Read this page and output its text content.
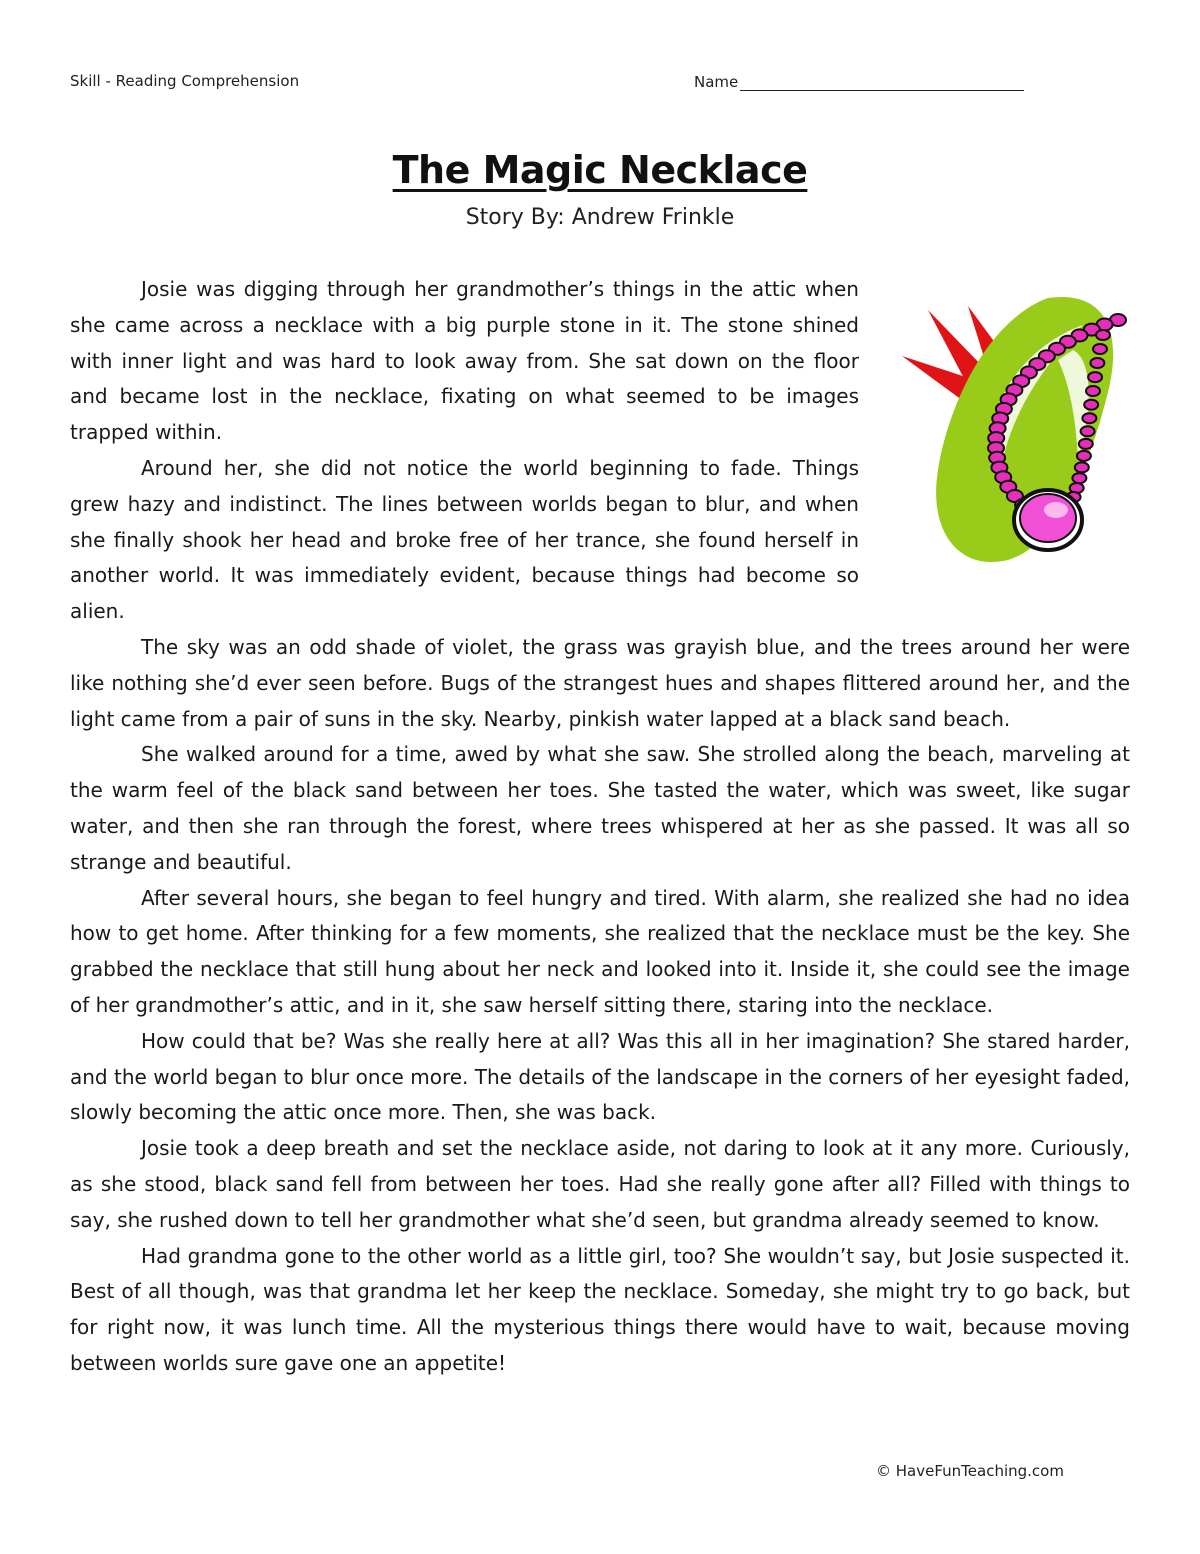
Skill - Reading Comprehension	Name
The Magic Necklace
Story By: Andrew Frinkle

Josie was digging through her grandmother’s things in the attic when she came across a necklace with a big purple stone in it. The stone shined with inner light and was hard to look away from. She sat down on the floor and became lost in the necklace, fixating on what seemed to be images trapped within.

Around her, she did not notice the world beginning to fade. Things grew hazy and indistinct. The lines between worlds began to blur, and when she finally shook her head and broke free of her trance, she found herself in another world. It was immediately evident, because things had become so alien.

The sky was an odd shade of violet, the grass was grayish blue, and the trees around her were like nothing she’d ever seen before. Bugs of the strangest hues and shapes flittered around her, and the light came from a pair of suns in the sky. Nearby, pinkish water lapped at a black sand beach.

She walked around for a time, awed by what she saw. She strolled along the beach, marveling at the warm feel of the black sand between her toes. She tasted the water, which was sweet, like sugar water, and then she ran through the forest, where trees whispered at her as she passed. It was all so strange and beautiful.

After several hours, she began to feel hungry and tired. With alarm, she realized she had no idea how to get home. After thinking for a few moments, she realized that the necklace must be the key. She grabbed the necklace that still hung about her neck and looked into it. Inside it, she could see the image of her grandmother’s attic, and in it, she saw herself sitting there, staring into the necklace.

How could that be? Was she really here at all? Was this all in her imagination? She stared harder, and the world began to blur once more. The details of the landscape in the corners of her eyesight faded, slowly becoming the attic once more. Then, she was back.

Josie took a deep breath and set the necklace aside, not daring to look at it any more. Curiously, as she stood, black sand fell from between her toes. Had she really gone after all? Filled with things to say, she rushed down to tell her grandmother what she’d seen, but grandma already seemed to know.

Had grandma gone to the other world as a little girl, too? She wouldn’t say, but Josie suspected it. Best of all though, was that grandma let her keep the necklace. Someday, she might try to go back, but for right now, it was lunch time. All the mysterious things there would have to wait, because moving between worlds sure gave one an appetite!

© HaveFunTeaching.com
